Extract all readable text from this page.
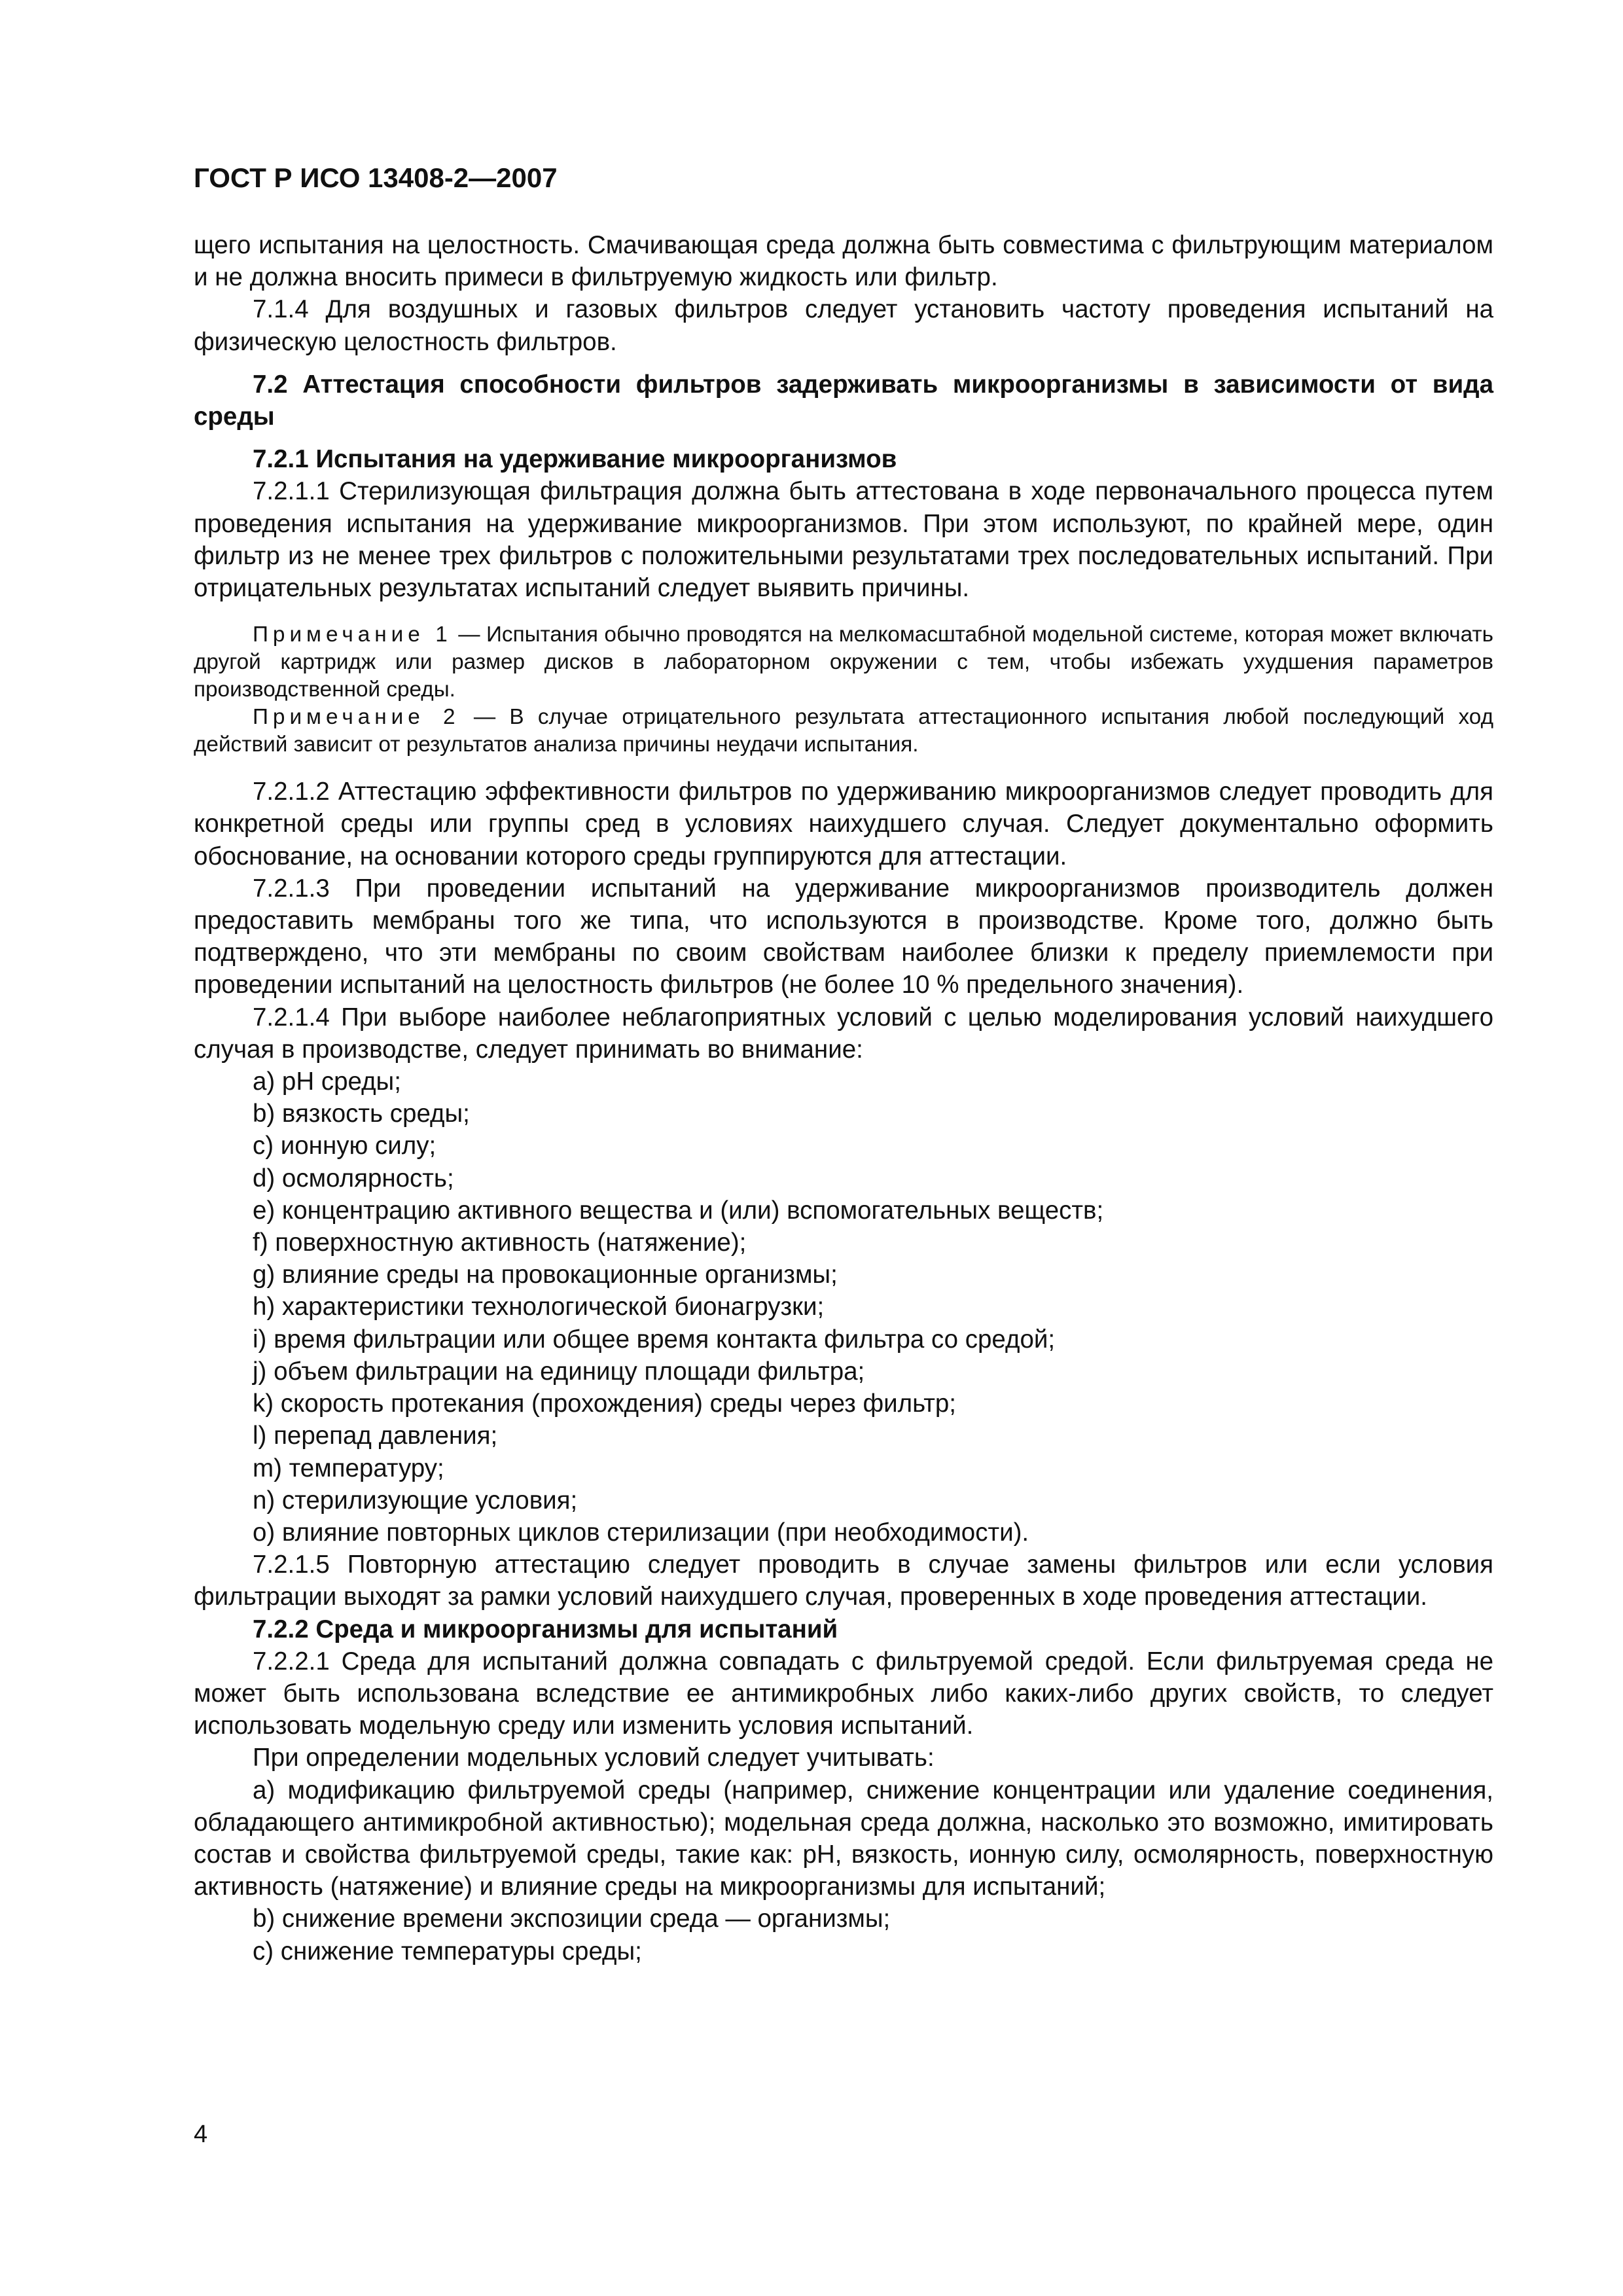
ГОСТ Р ИСО 13408-2—2007

щего испытания на целостность. Смачивающая среда должна быть совместима с фильтрующим материалом и не должна вносить примеси в фильтруемую жидкость или фильтр.

7.1.4 Для воздушных и газовых фильтров следует установить частоту проведения испытаний на физическую целостность фильтров.

7.2 Аттестация способности фильтров задерживать микроорганизмы в зависимости от вида среды

7.2.1 Испытания на удерживание микроорганизмов

7.2.1.1 Стерилизующая фильтрация должна быть аттестована в ходе первоначального процесса путем проведения испытания на удерживание микроорганизмов. При этом используют, по крайней мере, один фильтр из не менее трех фильтров с положительными результатами трех последовательных испытаний. При отрицательных результатах испытаний следует выявить причины.

Примечание 1 — Испытания обычно проводятся на мелкомасштабной модельной системе, которая может включать другой картридж или размер дисков в лабораторном окружении с тем, чтобы избежать ухудшения параметров производственной среды.

Примечание 2 — В случае отрицательного результата аттестационного испытания любой последующий ход действий зависит от результатов анализа причины неудачи испытания.

7.2.1.2 Аттестацию эффективности фильтров по удерживанию микроорганизмов следует проводить для конкретной среды или группы сред в условиях наихудшего случая. Следует документально оформить обоснование, на основании которого среды группируются для аттестации.

7.2.1.3 При проведении испытаний на удерживание микроорганизмов производитель должен предоставить мембраны того же типа, что используются в производстве. Кроме того, должно быть подтверждено, что эти мембраны по своим свойствам наиболее близки к пределу приемлемости при проведении испытаний на целостность фильтров (не более 10 % предельного значения).

7.2.1.4 При выборе наиболее неблагоприятных условий с целью моделирования условий наихудшего случая в производстве, следует принимать во внимание:

a) pH среды;

b) вязкость среды;

c) ионную силу;

d) осмолярность;

e) концентрацию активного вещества и (или) вспомогательных веществ;

f) поверхностную активность (натяжение);

g) влияние среды на провокационные организмы;

h) характеристики технологической бионагрузки;

i) время фильтрации или общее время контакта фильтра со средой;

j) объем фильтрации на единицу площади фильтра;

k) скорость протекания (прохождения) среды через фильтр;

l) перепад давления;

m) температуру;

n) стерилизующие условия;

o) влияние повторных циклов стерилизации (при необходимости).

7.2.1.5 Повторную аттестацию следует проводить в случае замены фильтров или если условия фильтрации выходят за рамки условий наихудшего случая, проверенных в ходе проведения аттестации.

7.2.2 Среда и микроорганизмы для испытаний

7.2.2.1 Среда для испытаний должна совпадать с фильтруемой средой. Если фильтруемая среда не может быть использована вследствие ее антимикробных либо каких-либо других свойств, то следует использовать модельную среду или изменить условия испытаний.

При определении модельных условий следует учитывать:

a) модификацию фильтруемой среды (например, снижение концентрации или удаление соединения, обладающего антимикробной активностью); модельная среда должна, насколько это возможно, имитировать состав и свойства фильтруемой среды, такие как: pH, вязкость, ионную силу, осмолярность, поверхностную активность (натяжение) и влияние среды на микроорганизмы для испытаний;

b) снижение времени экспозиции среда — организмы;

c) снижение температуры среды;

4
